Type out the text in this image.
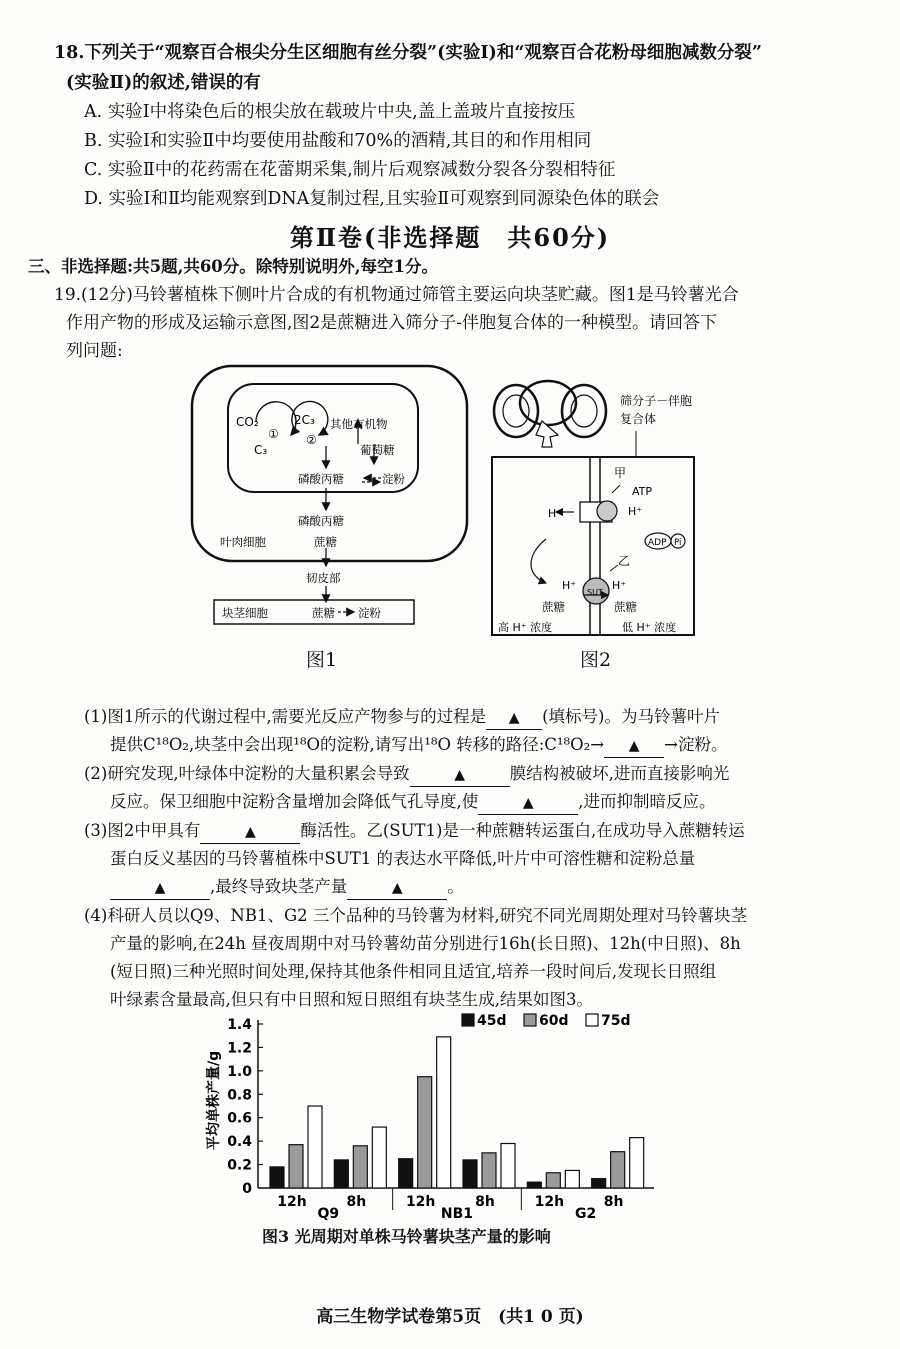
18.下列关于“观察百合根尖分生区细胞有丝分裂”(实验Ⅰ)和“观察百合花粉母细胞减数分裂”
(实验Ⅱ)的叙述,错误的有
A. 实验Ⅰ中将染色后的根尖放在载玻片中央,盖上盖玻片直接按压
B. 实验Ⅰ和实验Ⅱ中均要使用盐酸和70%的酒精,其目的和作用相同
C. 实验Ⅱ中的花药需在花蕾期采集,制片后观察减数分裂各分裂相特征
D. 实验Ⅰ和Ⅱ均能观察到DNA复制过程,且实验Ⅱ可观察到同源染色体的联会
第Ⅱ卷(非选择题　共60分)
三、非选择题:共5题,共60分。除特别说明外,每空1分。
19.(12分)马铃薯植株下侧叶片合成的有机物通过筛管主要运向块茎贮藏。图1是马铃薯光合
作用产物的形成及运输示意图,图2是蔗糖进入筛分子-伴胞复合体的一种模型。请回答下
列问题:
CO₂
C₃
2C₃
① ②
其他有机物
葡萄糖
磷酸丙糖	淀粉
磷酸丙糖
蔗糖
叶肉细胞
韧皮部
块茎细胞	蔗糖 淀粉
图1
筛分子－伴胞
复合体
甲
ATP
H⁺	H⁺
ADP Pi
乙
H⁺	H⁺
SUT
蔗糖	蔗糖
高 H⁺ 浓度	低 H⁺ 浓度
图2
(1)图1所示的代谢过程中,需要光反应产物参与的过程是 ▲ (填标号)。为马铃薯叶片
提供C¹⁸O₂,块茎中会出现¹⁸O的淀粉,请写出¹⁸O 转移的路径:C¹⁸O₂→ ▲ →淀粉。
(2)研究发现,叶绿体中淀粉的大量积累会导致	▲	膜结构被破坏,进而直接影响光
反应。保卫细胞中淀粉含量增加会降低气孔导度,使	▲	,进而抑制暗反应。
(3)图2中甲具有	▲	酶活性。乙(SUT1)是一种蔗糖转运蛋白,在成功导入蔗糖转运
蛋白反义基因的马铃薯植株中SUT1 的表达水平降低,叶片中可溶性糖和淀粉总量
▲	,最终导致块茎产量	▲	。
(4)科研人员以Q9、NB1、G2 三个品种的马铃薯为材料,研究不同光周期处理对马铃薯块茎
产量的影响,在24h 昼夜周期中对马铃薯幼苗分别进行16h(长日照)、12h(中日照)、8h
(短日照)三种光照时间处理,保持其他条件相同且适宜,培养一段时间后,发现长日照组
叶绿素含量最高,但只有中日照和短日照组有块茎生成,结果如图3。
平均单株产量/g
0
0.2
0.4
0.6
0.8
1.0
1.2
1.4
12h	8h	12h	8h	12h	8h
Q9	NB1	G2
45d 60d 75d
图3 光周期对单株马铃薯块茎产量的影响
高三生物学试卷第5页　(共1 0 页)
